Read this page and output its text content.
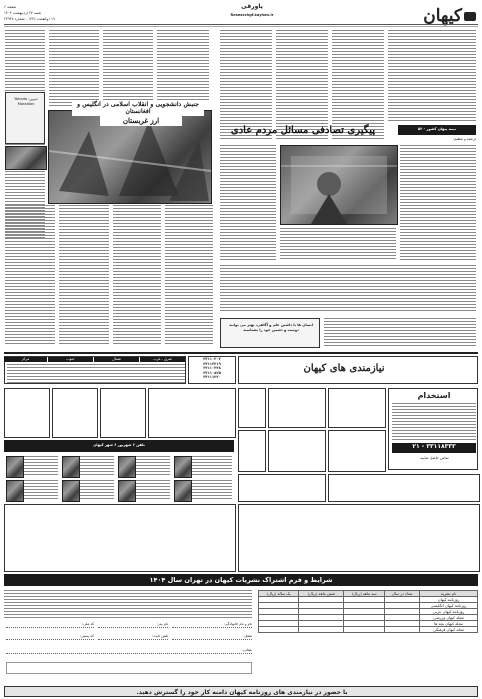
کیهان
پاورقی
Researchgf.kayhan.ir
صفحه ۶
شنبه ۲۷ اردیبهشت ۱۴۰۴
۱۹ ذوالقعده ۱۴۴۶ - شماره ۲۳۹۳۸
جنبش دانشجویی و انقلاب اسلامی در انگلیس و افغانستان
ارز غربستان
تدوین: Yahoda Moradian
پیگیری تصادفی مسائل مردم عادی	نیمه پنهان کشور - ۵۲
ترجمه و تنظیم:
انسان ها با داشتن علم و آگاهی، بهتر می توانند دوست و دشمن خود را بشناسند
نیازمندی های کیهان
۳۳۱۱۰۳۰۲
۳۳۱۱۳۳۱۹
۳۳۱۱۰۳۳۸
۳۳۱۱۰۸۲۵
۳۳۱۱۱۲۲۰
شرق - غرب
شمال
جنوب
مرکز
استخدام
۳۳۱۱۸۳۳۳ - ۲۱
تماس حاصل نمایید.
تلفن ۶ شهریور ۶ شهر کیهان
شرایط و فرم اشتراک نشریات کیهان در تهران سال ۱۴۰۴
نام نشریه	تعداد در سال	سه ماهه (ریال)	شش ماهه (ریال)	یک ساله (ریال)
روزنامه کیهان				
روزنامه کیهان انگلیسی				
روزنامه کیهان عربی				
مجله کیهان ورزشی				
مجله کیهان بچه ها				
مجله کیهان فرهنگی				
نام و نام خانوادگی:
نام پدر:
کد ملی:
شغل:
تلفن ثابت:
کد پستی:
نشانی:
با حضور در نیازمندی های روزنامه کیهان دامنه کار خود را گسترش دهید.
